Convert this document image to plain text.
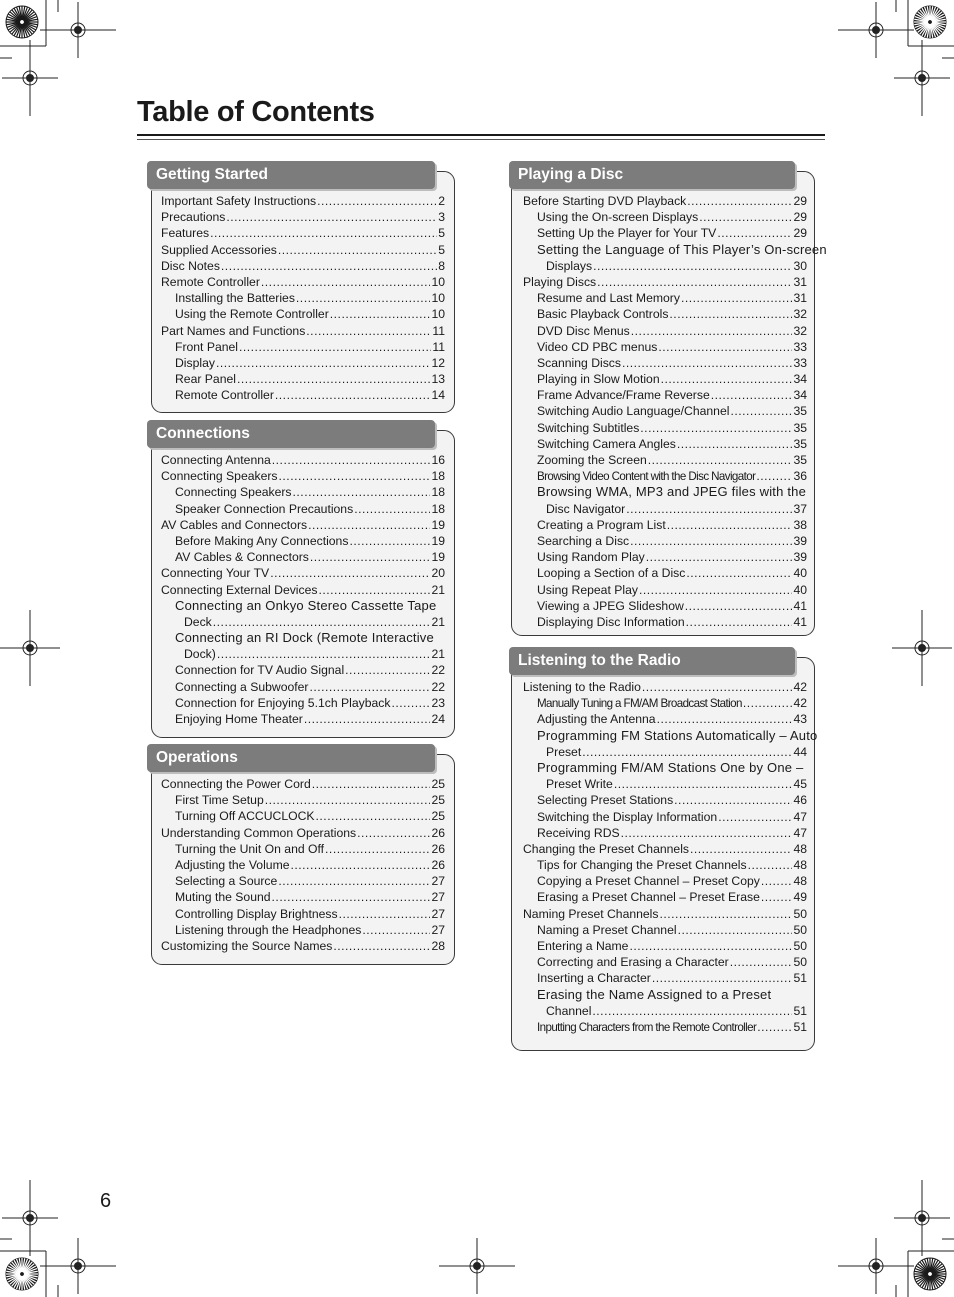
Table of Contents
Getting Started
Important Safety Instructions .....	2
Precautions .....	3
Features .....	5
Supplied Accessories .....	5
Disc Notes .....	8
Remote Controller .....	10
Installing the Batteries .....	10
Using the Remote Controller .....	10
Part Names and Functions .....	11
Front Panel .....	11
Display .....	12
Rear Panel .....	13
Remote Controller .....	14
Connections
Connecting Antenna .....	16
Connecting Speakers .....	18
Connecting Speakers .....	18
Speaker Connection Precautions .....	18
AV Cables and Connectors .....	19
Before Making Any Connections .....	19
AV Cables & Connectors .....	19
Connecting Your TV .....	20
Connecting External Devices .....	21
Connecting an Onkyo Stereo Cassette Tape
Deck .....	21
Connecting an RI Dock (Remote Interactive
Dock) .....	21
Connection for TV Audio Signal .....	22
Connecting a Subwoofer .....	22
Connection for Enjoying 5.1ch Playback .....	23
Enjoying Home Theater .....	24
Operations
Connecting the Power Cord .....	25
First Time Setup .....	25
Turning Off ACCUCLOCK .....	25
Understanding Common Operations .....	26
Turning the Unit On and Off .....	26
Adjusting the Volume .....	26
Selecting a Source .....	27
Muting the Sound .....	27
Controlling Display Brightness .....	27
Listening through the Headphones .....	27
Customizing the Source Names .....	28
Playing a Disc
Before Starting DVD Playback .....	29
Using the On-screen Displays .....	29
Setting Up the Player for Your TV .....	29
Setting the Language of This Player’s On-screen
Displays .....	30
Playing Discs .....	31
Resume and Last Memory .....	31
Basic Playback Controls .....	32
DVD Disc Menus .....	32
Video CD PBC menus .....	33
Scanning Discs .....	33
Playing in Slow Motion .....	34
Frame Advance/Frame Reverse .....	34
Switching Audio Language/Channel .....	35
Switching Subtitles .....	35
Switching Camera Angles .....	35
Zooming the Screen .....	35
Browsing Video Content with the Disc Navigator .....	36
Browsing WMA, MP3 and JPEG files with the
Disc Navigator .....	37
Creating a Program List .....	38
Searching a Disc .....	39
Using Random Play .....	39
Looping a Section of a Disc .....	40
Using Repeat Play .....	40
Viewing a JPEG Slideshow .....	41
Displaying Disc Information .....	41
Listening to the Radio
Listening to the Radio .....	42
Manually Tuning a FM/AM Broadcast Station .....	42
Adjusting the Antenna .....	43
Programming FM Stations Automatically – Auto
Preset .....	44
Programming FM/AM Stations One by One –
Preset Write .....	45
Selecting Preset Stations .....	46
Switching the Display Information .....	47
Receiving RDS .....	47
Changing the Preset Channels .....	48
Tips for Changing the Preset Channels .....	48
Copying a Preset Channel – Preset Copy .....	48
Erasing a Preset Channel – Preset Erase .....	49
Naming Preset Channels .....	50
Naming a Preset Channel .....	50
Entering a Name .....	50
Correcting and Erasing a Character .....	50
Inserting a Character .....	51
Erasing the Name Assigned to a Preset
Channel .....	51
Inputting Characters from the Remote Controller .....	51
6
